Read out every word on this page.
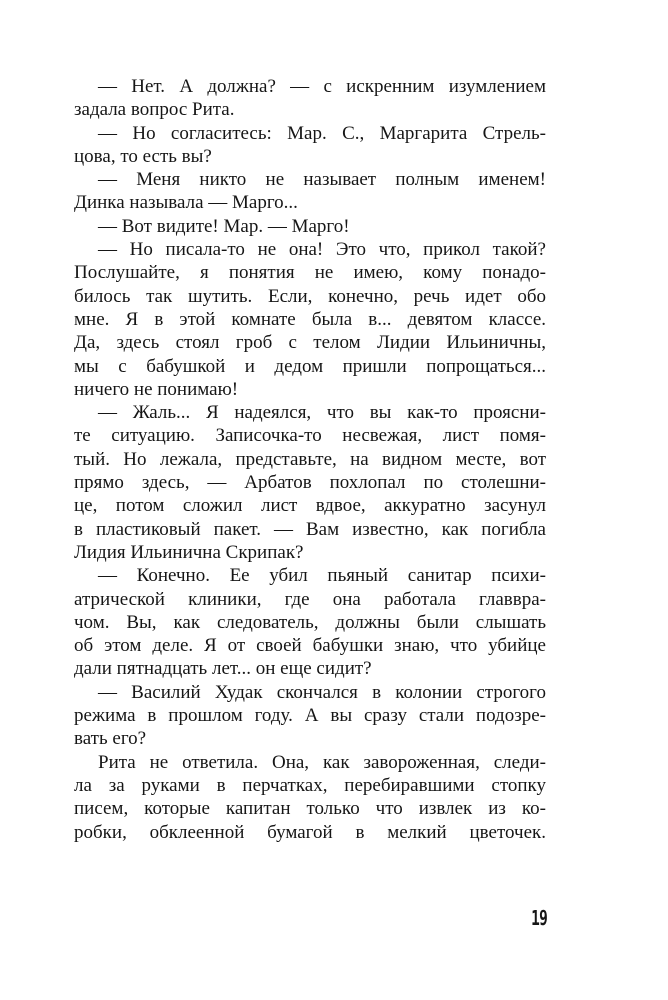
— Нет. А должна? — с искренним изумлением
задала вопрос Рита.
— Но согласитесь: Мар. С., Маргарита Стрель-
цова, то есть вы?
— Меня никто не называет полным именем!
Динка называла — Марго...
— Вот видите! Мар. — Марго!
— Но писала-то не она! Это что, прикол такой?
Послушайте, я понятия не имею, кому понадо-
билось так шутить. Если, конечно, речь идет обо
мне. Я в этой комнате была в... девятом классе.
Да, здесь стоял гроб с телом Лидии Ильиничны,
мы с бабушкой и дедом пришли попрощаться...
ничего не понимаю!
— Жаль... Я надеялся, что вы как-то проясни-
те ситуацию. Записочка-то несвежая, лист помя-
тый. Но лежала, представьте, на видном месте, вот
прямо здесь, — Арбатов похлопал по столешни-
це, потом сложил лист вдвое, аккуратно засунул
в пластиковый пакет. — Вам известно, как погибла
Лидия Ильинична Скрипак?
— Конечно. Ее убил пьяный санитар психи-
атрической клиники, где она работала главвра-
чом. Вы, как следователь, должны были слышать
об этом деле. Я от своей бабушки знаю, что убийце
дали пятнадцать лет... он еще сидит?
— Василий Худак скончался в колонии строгого
режима в прошлом году. А вы сразу стали подозре-
вать его?
Рита не ответила. Она, как завороженная, следи-
ла за руками в перчатках, перебиравшими стопку
писем, которые капитан только что извлек из ко-
робки, обклеенной бумагой в мелкий цветочек.
19
